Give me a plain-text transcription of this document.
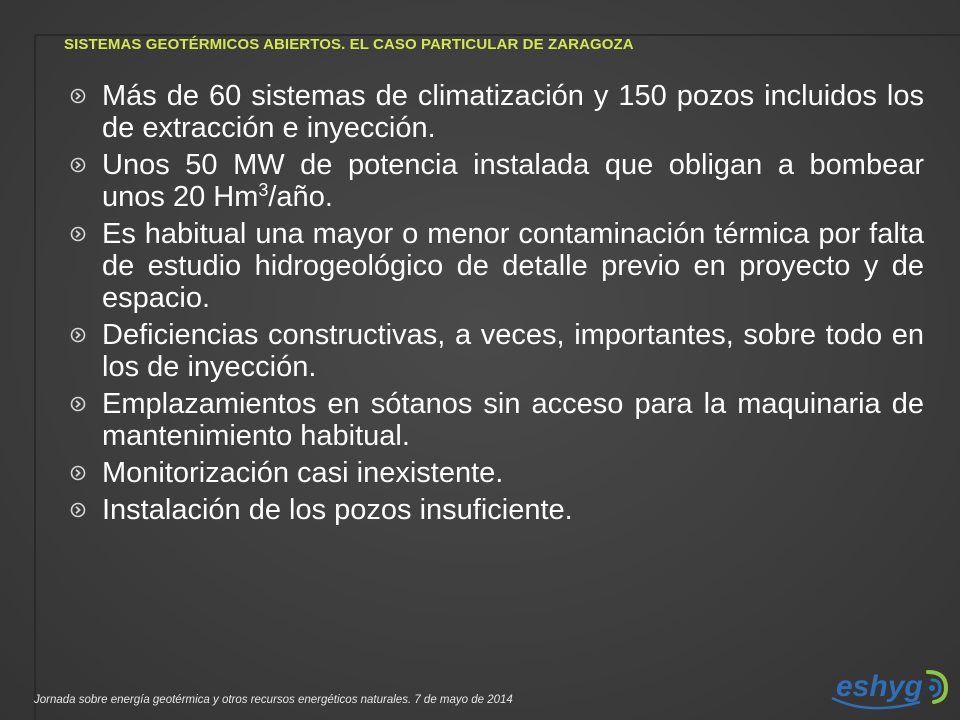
SISTEMAS GEOTÉRMICOS ABIERTOS. EL CASO PARTICULAR DE ZARAGOZA
Más de 60 sistemas de climatización y 150 pozos incluidos los de extracción e inyección.
Unos 50 MW de potencia instalada que obligan a bombear unos 20 Hm$^3$/año.
Es habitual una mayor o menor contaminación térmica por falta de estudio hidrogeológico de detalle previo en proyecto y de espacio.
Deficiencias constructivas, a veces, importantes, sobre todo en los de inyección.
Emplazamientos en sótanos sin acceso para la maquinaria de mantenimiento habitual.
Monitorización casi inexistente.
Instalación de los pozos insuficiente.
Jornada sobre energía geotérmica y otros recursos energéticos naturales. 7 de mayo de 2014	eshyg
